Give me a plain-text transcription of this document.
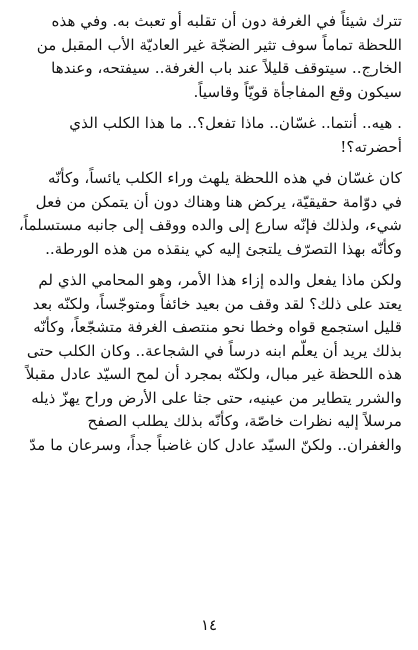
تترك شيئاً في الغرفة دون أن تقلبه أو تعبث به. وفي هذه
اللحظة تماماً سوف تثير الضجّة غير العاديّة الأب المقبل من
الخارج.. سيتوقف قليلاً عند باب الغرفة.. سيفتحه، وعندها
سيكون وقع المفاجأة قويّاً وقاسياً.

. هيه.. أنتما.. غسّان.. ماذا تفعل؟.. ما هذا الكلب الذي
أحضرته؟!

كان غسّان في هذه اللحظة يلهث وراء الكلب يائساً، وكأنّه
في دوّامة حقيقيّة، يركض هنا وهناك دون أن يتمكن من فعل
شيء، ولذلك فإنّه سارع إلى والده ووقف إلى جانبه مستسلماً،
وكأنّه بهذا التصرّف يلتجئ إليه كي ينقذه من هذه الورطة..

ولكن ماذا يفعل والده إزاء هذا الأمر، وهو المحامي الذي لم
يعتد على ذلك؟ لقد وقف من بعيد خائفاً ومتوجّساً، ولكنّه بعد
قليل استجمع قواه وخطا نحو منتصف الغرفة متشجّعاً، وكأنّه
بذلك يريد أن يعلّم ابنه درساً في الشجاعة.. وكان الكلب حتى
هذه اللحظة غير مبال، ولكنّه بمجرد أن لمح السيّد عادل مقبلاً
والشرر يتطاير من عينيه، حتى جثا على الأرض وراح يهزّ ذيله
مرسلاً إليه نظرات خاصّة، وكأنّه بذلك يطلب الصفح
والغفران.. ولكنّ السيّد عادل كان غاضباً جداً، وسرعان ما مدّ

١٤
